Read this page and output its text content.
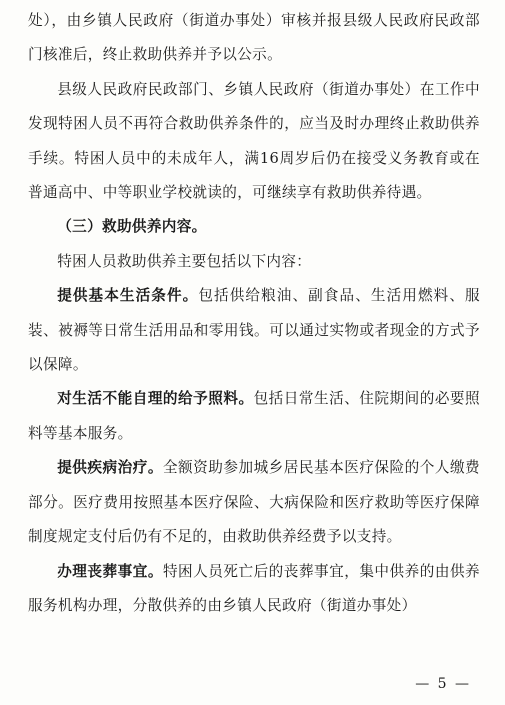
处），由乡镇人民政府（街道办事处）审核并报县级人民政府民政部门核准后，终止救助供养并予以公示。

县级人民政府民政部门、乡镇人民政府（街道办事处）在工作中发现特困人员不再符合救助供养条件的，应当及时办理终止救助供养手续。特困人员中的未成年人，满16周岁后仍在接受义务教育或在普通高中、中等职业学校就读的，可继续享有救助供养待遇。

（三）救助供养内容。

特困人员救助供养主要包括以下内容：

提供基本生活条件。包括供给粮油、副食品、生活用燃料、服装、被褥等日常生活用品和零用钱。可以通过实物或者现金的方式予以保障。

对生活不能自理的给予照料。包括日常生活、住院期间的必要照料等基本服务。

提供疾病治疗。全额资助参加城乡居民基本医疗保险的个人缴费部分。医疗费用按照基本医疗保险、大病保险和医疗救助等医疗保障制度规定支付后仍有不足的，由救助供养经费予以支持。

办理丧葬事宜。特困人员死亡后的丧葬事宜，集中供养的由供养服务机构办理，分散供养的由乡镇人民政府（街道办事处）

— 5 —
